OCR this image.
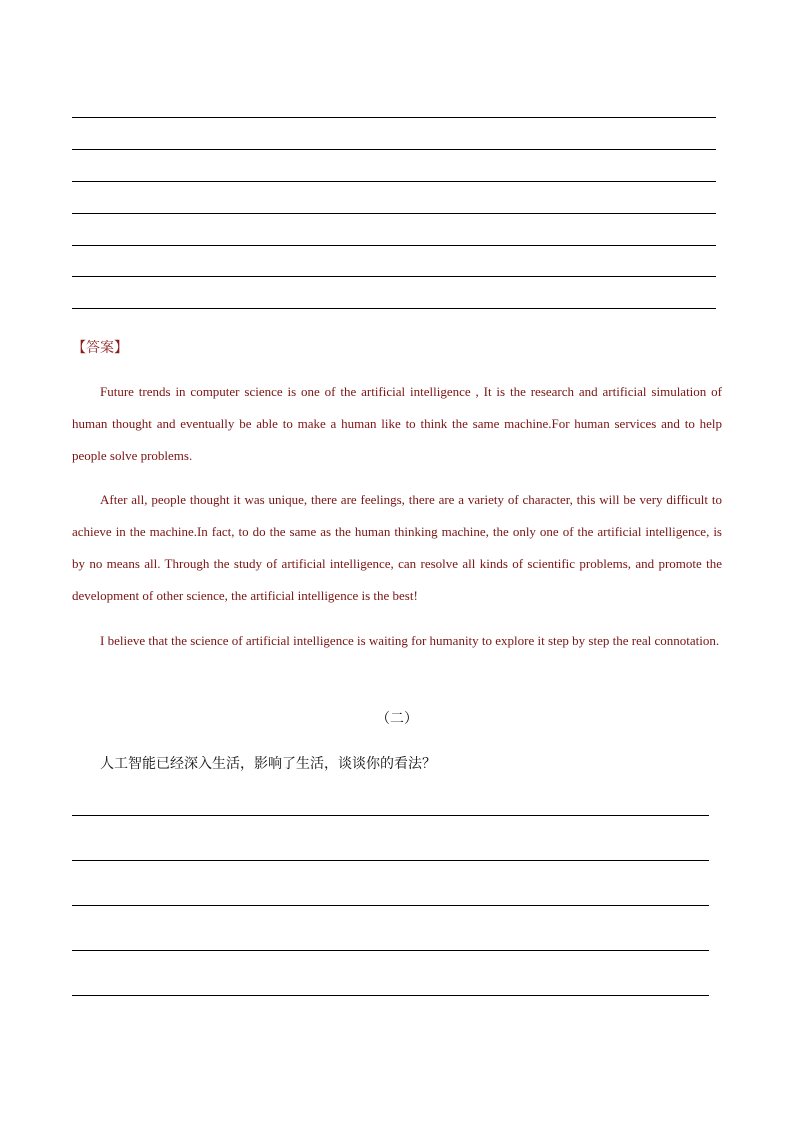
【答案】

Future trends in computer science is one of the artificial intelligence , It is the research and artificial simulation of human thought and eventually be able to make a human like to think the same machine.For human services and to help people solve problems.

After all, people thought it was unique, there are feelings, there are a variety of character, this will be very difficult to achieve in the machine.In fact, to do the same as the human thinking machine, the only one of the artificial intelligence, is by no means all. Through the study of artificial intelligence, can resolve all kinds of scientific problems, and promote the development of other science, the artificial intelligence is the best!

I believe that the science of artificial intelligence is waiting for humanity to explore it step by step the real connotation.

（二）
人工智能已经深入生活，影响了生活，谈谈你的看法？
